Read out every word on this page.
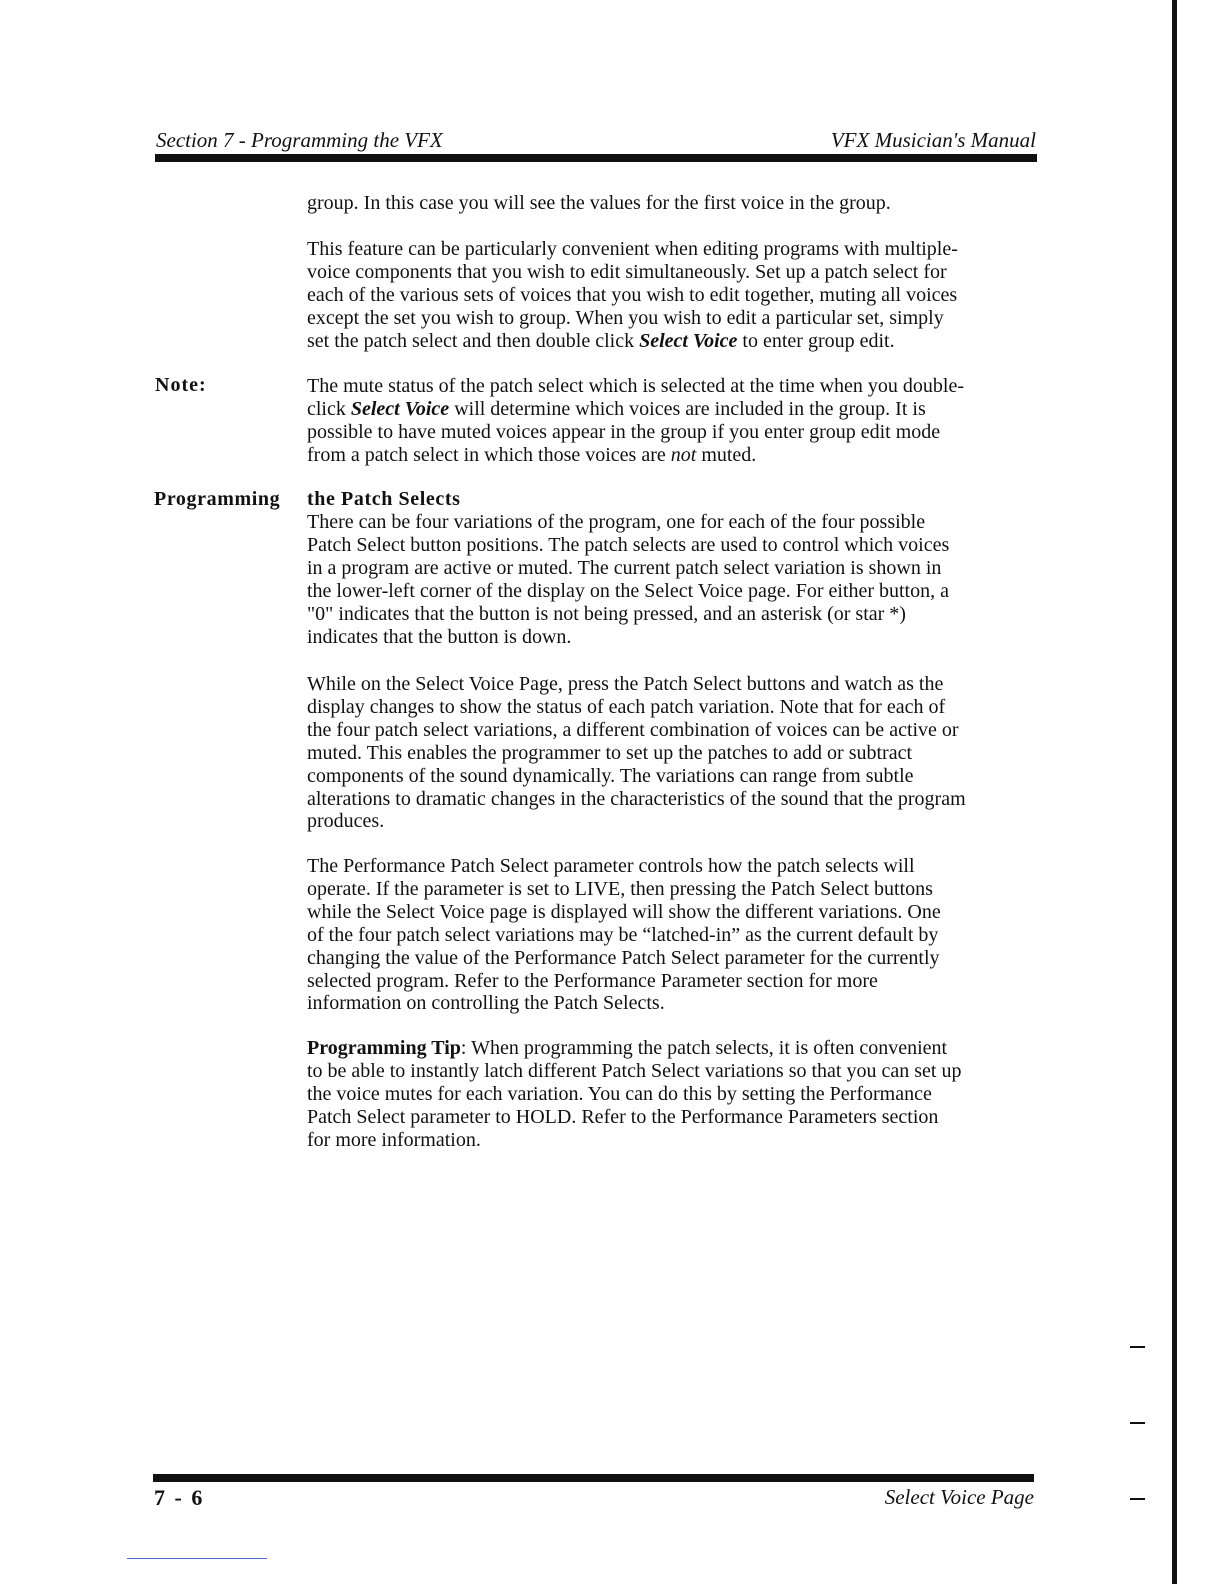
Section 7 - Programming the VFX	VFX Musician's Manual

group. In this case you will see the values for the first voice in the group.

This feature can be particularly convenient when editing programs with multiple-
voice components that you wish to edit simultaneously. Set up a patch select for
each of the various sets of voices that you wish to edit together, muting all voices
except the set you wish to group. When you wish to edit a particular set, simply
set the patch select and then double click Select Voice to enter group edit.

Note:	The mute status of the patch select which is selected at the time when you double-
click Select Voice will determine which voices are included in the group. It is
possible to have muted voices appear in the group if you enter group edit mode
from a patch select in which those voices are not muted.

Programming the Patch Selects

There can be four variations of the program, one for each of the four possible
Patch Select button positions. The patch selects are used to control which voices
in a program are active or muted. The current patch select variation is shown in
the lower-left corner of the display on the Select Voice page. For either button, a
"0" indicates that the button is not being pressed, and an asterisk (or star *)
indicates that the button is down.

While on the Select Voice Page, press the Patch Select buttons and watch as the
display changes to show the status of each patch variation. Note that for each of
the four patch select variations, a different combination of voices can be active or
muted. This enables the programmer to set up the patches to add or subtract
components of the sound dynamically. The variations can range from subtle
alterations to dramatic changes in the characteristics of the sound that the program
produces.

The Performance Patch Select parameter controls how the patch selects will
operate. If the parameter is set to LIVE, then pressing the Patch Select buttons
while the Select Voice page is displayed will show the different variations. One
of the four patch select variations may be “latched-in” as the current default by
changing the value of the Performance Patch Select parameter for the currently
selected program. Refer to the Performance Parameter section for more
information on controlling the Patch Selects.

Programming Tip: When programming the patch selects, it is often convenient
to be able to instantly latch different Patch Select variations so that you can set up
the voice mutes for each variation. You can do this by setting the Performance
Patch Select parameter to HOLD. Refer to the Performance Parameters section
for more information.

7 - 6	Select Voice Page
